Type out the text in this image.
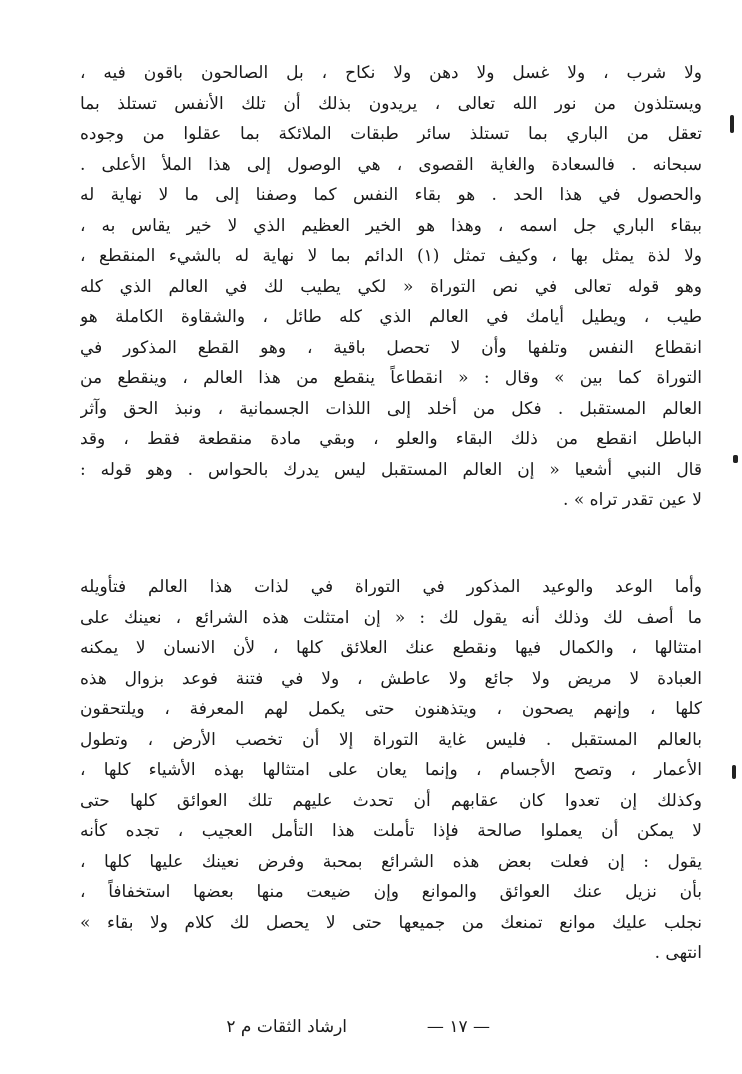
ولا شرب ، ولا غسل ولا دهن ولا نكاح ، بل الصالحون باقون فيه ،
ويستلذون من نور الله تعالى ، يريدون بذلك أن تلك الأنفس تستلذ بما
تعقل من الباري بما تستلذ سائر طبقات الملائكة بما عقلوا من وجوده
سبحانه . فالسعادة والغاية القصوى ، هي الوصول إلى هذا الملأ الأعلى .
والحصول في هذا الحد . هو بقاء النفس كما وصفنا إلى ما لا نهاية له
ببقاء الباري جل اسمه ، وهذا هو الخير العظيم الذي لا خير يقاس به ،
ولا لذة يمثل بها ، وكيف تمثل (١) الدائم بما لا نهاية له بالشيء المنقطع ،
وهو قوله تعالى في نص التوراة « لكي يطيب لك في العالم الذي كله
طيب ، ويطيل أيامك في العالم الذي كله طائل ، والشقاوة الكاملة هو
انقطاع النفس وتلفها وأن لا تحصل باقية ، وهو القطع المذكور في
التوراة كما بين » وقال : « انقطاعاً ينقطع من هذا العالم ، وينقطع من
العالم المستقبل . فكل من أخلد إلى اللذات الجسمانية ، ونبذ الحق وآثر
الباطل انقطع من ذلك البقاء والعلو ، وبقي مادة منقطعة فقط ، وقد
قال النبي أشعيا « إن العالم المستقبل ليس يدرك بالحواس . وهو قوله :
لا عين تقدر تراه » .
وأما الوعد والوعيد المذكور في التوراة في لذات هذا العالم فتأويله
ما أصف لك وذلك أنه يقول لك : « إن امتثلت هذه الشرائع ، نعينك على
امتثالها ، والكمال فيها ونقطع عنك العلائق كلها ، لأن الانسان لا يمكنه
العبادة لا مريض ولا جائع ولا عاطش ، ولا في فتنة فوعد بزوال هذه
كلها ، وإنهم يصحون ، ويتذهنون حتى يكمل لهم المعرفة ، ويلتحقون
بالعالم المستقبل . فليس غاية التوراة إلا أن تخصب الأرض ، وتطول
الأعمار ، وتصح الأجسام ، وإنما يعان على امتثالها بهذه الأشياء كلها ،
وكذلك إن تعدوا كان عقابهم أن تحدث عليهم تلك العوائق كلها حتى
لا يمكن أن يعملوا صالحة فإذا تأملت هذا التأمل العجيب ، تجده كأنه
يقول : إن فعلت بعض هذه الشرائع بمحبة وفرض نعينك عليها كلها ،
بأن نزيل عنك العوائق والموانع وإن ضيعت منها بعضها استخفافاً ،
نجلب عليك موانع تمنعك من جميعها حتى لا يحصل لك كلام ولا بقاء »
انتهى .
ارشاد الثقات م ٢	— ١٧ —
